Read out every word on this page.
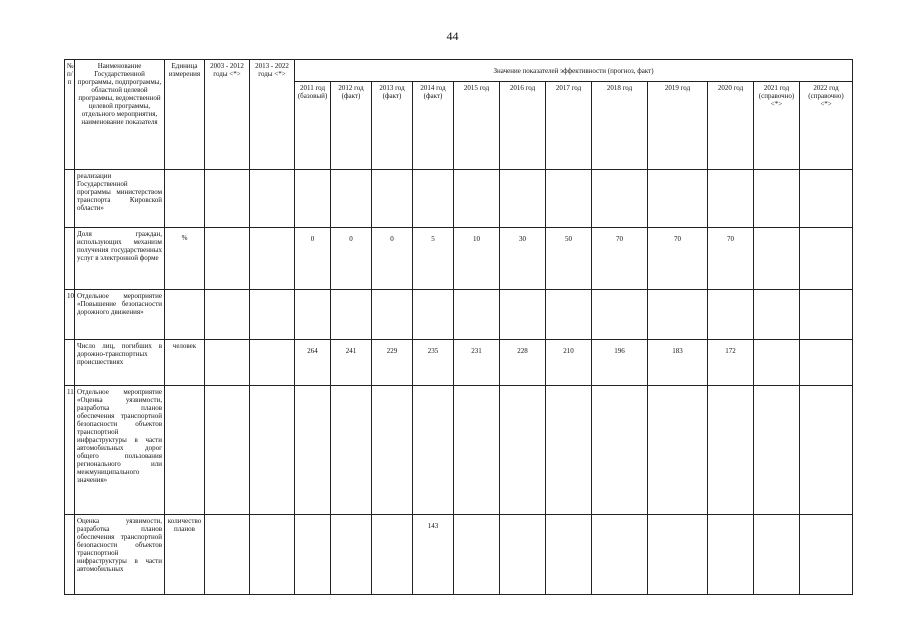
44
№ п/п	Наименование Государственной программы, подпрограммы, областной целевой программы, ведомственной целевой программы, отдельного мероприятия, наименование показателя	Единица измерения	2003 - 2012 годы <*>	2013 - 2022 годы <*>	Значение показателей эффективности (прогноз, факт)											
					2011 год (базовый)	2012 год (факт)	2013 год (факт)	2014 год (факт)	2015 год	2016 год	2017 год	2018 год	2019 год	2020 год	2021 год (справочно) <*>	2022 год (справочно) <*>
	реализации Государственной программы министерством транспорта Кировской области»															
	Доля граждан, использующих механизм получения государственных услуг в электронной форме	%			0	0	0	5	10	30	50	70	70	70		
10	Отдельное мероприятие «Повышение безопасности дорожного движения»															
	Число лиц, погибших в дорожно-транспортных происшествиях	человек			264	241	229	235	231	228	210	196	183	172		
11	Отдельное мероприятие «Оценка уязвимости, разработка планов обеспечения транспортной безопасности объектов транспортной инфраструктуры в части автомобильных дорог общего пользования регионального или межмуниципального значения»															
	Оценка уязвимости, разработка планов обеспечения транспортной безопасности объектов транспортной инфраструктуры в части автомобильных	количество планов						143								
